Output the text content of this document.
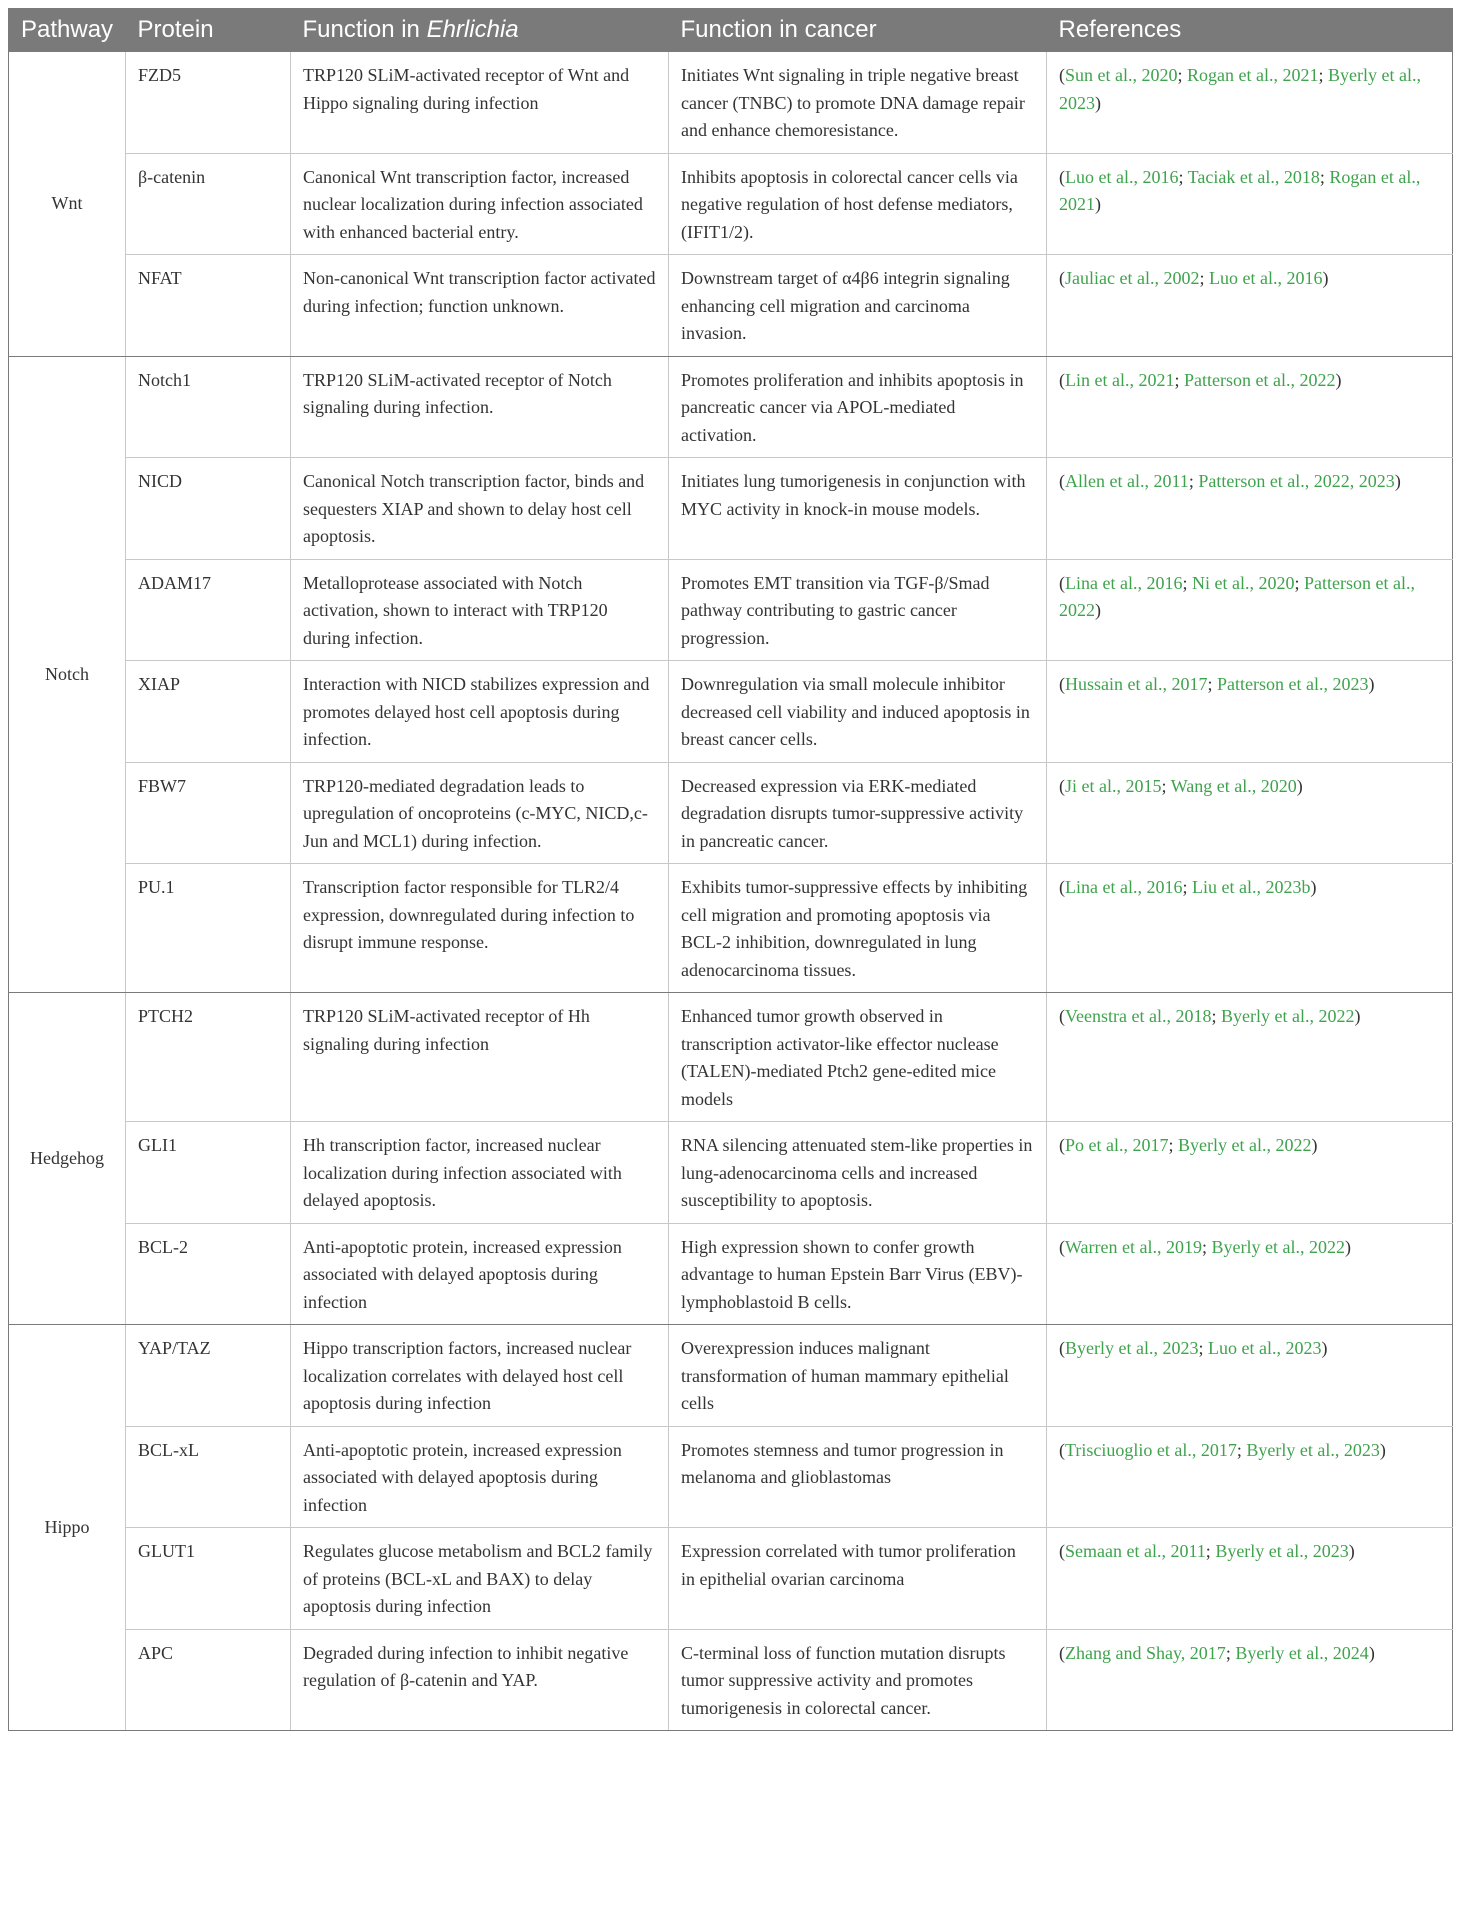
Pathway	Protein	Function in Ehrlichia	Function in cancer	References
Wnt	FZD5	TRP120 SLiM-activated receptor of Wnt and Hippo signaling during infection	Initiates Wnt signaling in triple negative breast cancer (TNBC) to promote DNA damage repair and enhance chemoresistance.	(Sun et al., 2020; Rogan et al., 2021; Byerly et al., 2023)
	β-catenin	Canonical Wnt transcription factor, increased nuclear localization during infection associated with enhanced bacterial entry.	Inhibits apoptosis in colorectal cancer cells via negative regulation of host defense mediators, (IFIT1/2).	(Luo et al., 2016; Taciak et al., 2018; Rogan et al., 2021)
	NFAT	Non-canonical Wnt transcription factor activated during infection; function unknown.	Downstream target of α4β6 integrin signaling enhancing cell migration and carcinoma invasion.	(Jauliac et al., 2002; Luo et al., 2016)
Notch	Notch1	TRP120 SLiM-activated receptor of Notch signaling during infection.	Promotes proliferation and inhibits apoptosis in pancreatic cancer via APOL-mediated activation.	(Lin et al., 2021; Patterson et al., 2022)
	NICD	Canonical Notch transcription factor, binds and sequesters XIAP and shown to delay host cell apoptosis.	Initiates lung tumorigenesis in conjunction with MYC activity in knock-in mouse models.	(Allen et al., 2011; Patterson et al., 2022, 2023)
	ADAM17	Metalloprotease associated with Notch activation, shown to interact with TRP120 during infection.	Promotes EMT transition via TGF-β/Smad pathway contributing to gastric cancer progression.	(Lina et al., 2016; Ni et al., 2020; Patterson et al., 2022)
	XIAP	Interaction with NICD stabilizes expression and promotes delayed host cell apoptosis during infection.	Downregulation via small molecule inhibitor decreased cell viability and induced apoptosis in breast cancer cells.	(Hussain et al., 2017; Patterson et al., 2023)
	FBW7	TRP120-mediated degradation leads to upregulation of oncoproteins (c-MYC, NICD,c-Jun and MCL1) during infection.	Decreased expression via ERK-mediated degradation disrupts tumor-suppressive activity in pancreatic cancer.	(Ji et al., 2015; Wang et al., 2020)
	PU.1	Transcription factor responsible for TLR2/4 expression, downregulated during infection to disrupt immune response.	Exhibits tumor-suppressive effects by inhibiting cell migration and promoting apoptosis via BCL-2 inhibition, downregulated in lung adenocarcinoma tissues.	(Lina et al., 2016; Liu et al., 2023b)
Hedgehog	PTCH2	TRP120 SLiM-activated receptor of Hh signaling during infection	Enhanced tumor growth observed in transcription activator-like effector nuclease (TALEN)-mediated Ptch2 gene-edited mice models	(Veenstra et al., 2018; Byerly et al., 2022)
	GLI1	Hh transcription factor, increased nuclear localization during infection associated with delayed apoptosis.	RNA silencing attenuated stem-like properties in lung-adenocarcinoma cells and increased susceptibility to apoptosis.	(Po et al., 2017; Byerly et al., 2022)
	BCL-2	Anti-apoptotic protein, increased expression associated with delayed apoptosis during infection	High expression shown to confer growth advantage to human Epstein Barr Virus (EBV)-lymphoblastoid B cells.	(Warren et al., 2019; Byerly et al., 2022)
Hippo	YAP/TAZ	Hippo transcription factors, increased nuclear localization correlates with delayed host cell apoptosis during infection	Overexpression induces malignant transformation of human mammary epithelial cells	(Byerly et al., 2023; Luo et al., 2023)
	BCL-xL	Anti-apoptotic protein, increased expression associated with delayed apoptosis during infection	Promotes stemness and tumor progression in melanoma and glioblastomas	(Trisciuoglio et al., 2017; Byerly et al., 2023)
	GLUT1	Regulates glucose metabolism and BCL2 family of proteins (BCL-xL and BAX) to delay apoptosis during infection	Expression correlated with tumor proliferation in epithelial ovarian carcinoma	(Semaan et al., 2011; Byerly et al., 2023)
	APC	Degraded during infection to inhibit negative regulation of β-catenin and YAP.	C-terminal loss of function mutation disrupts tumor suppressive activity and promotes tumorigenesis in colorectal cancer.	(Zhang and Shay, 2017; Byerly et al., 2024)
